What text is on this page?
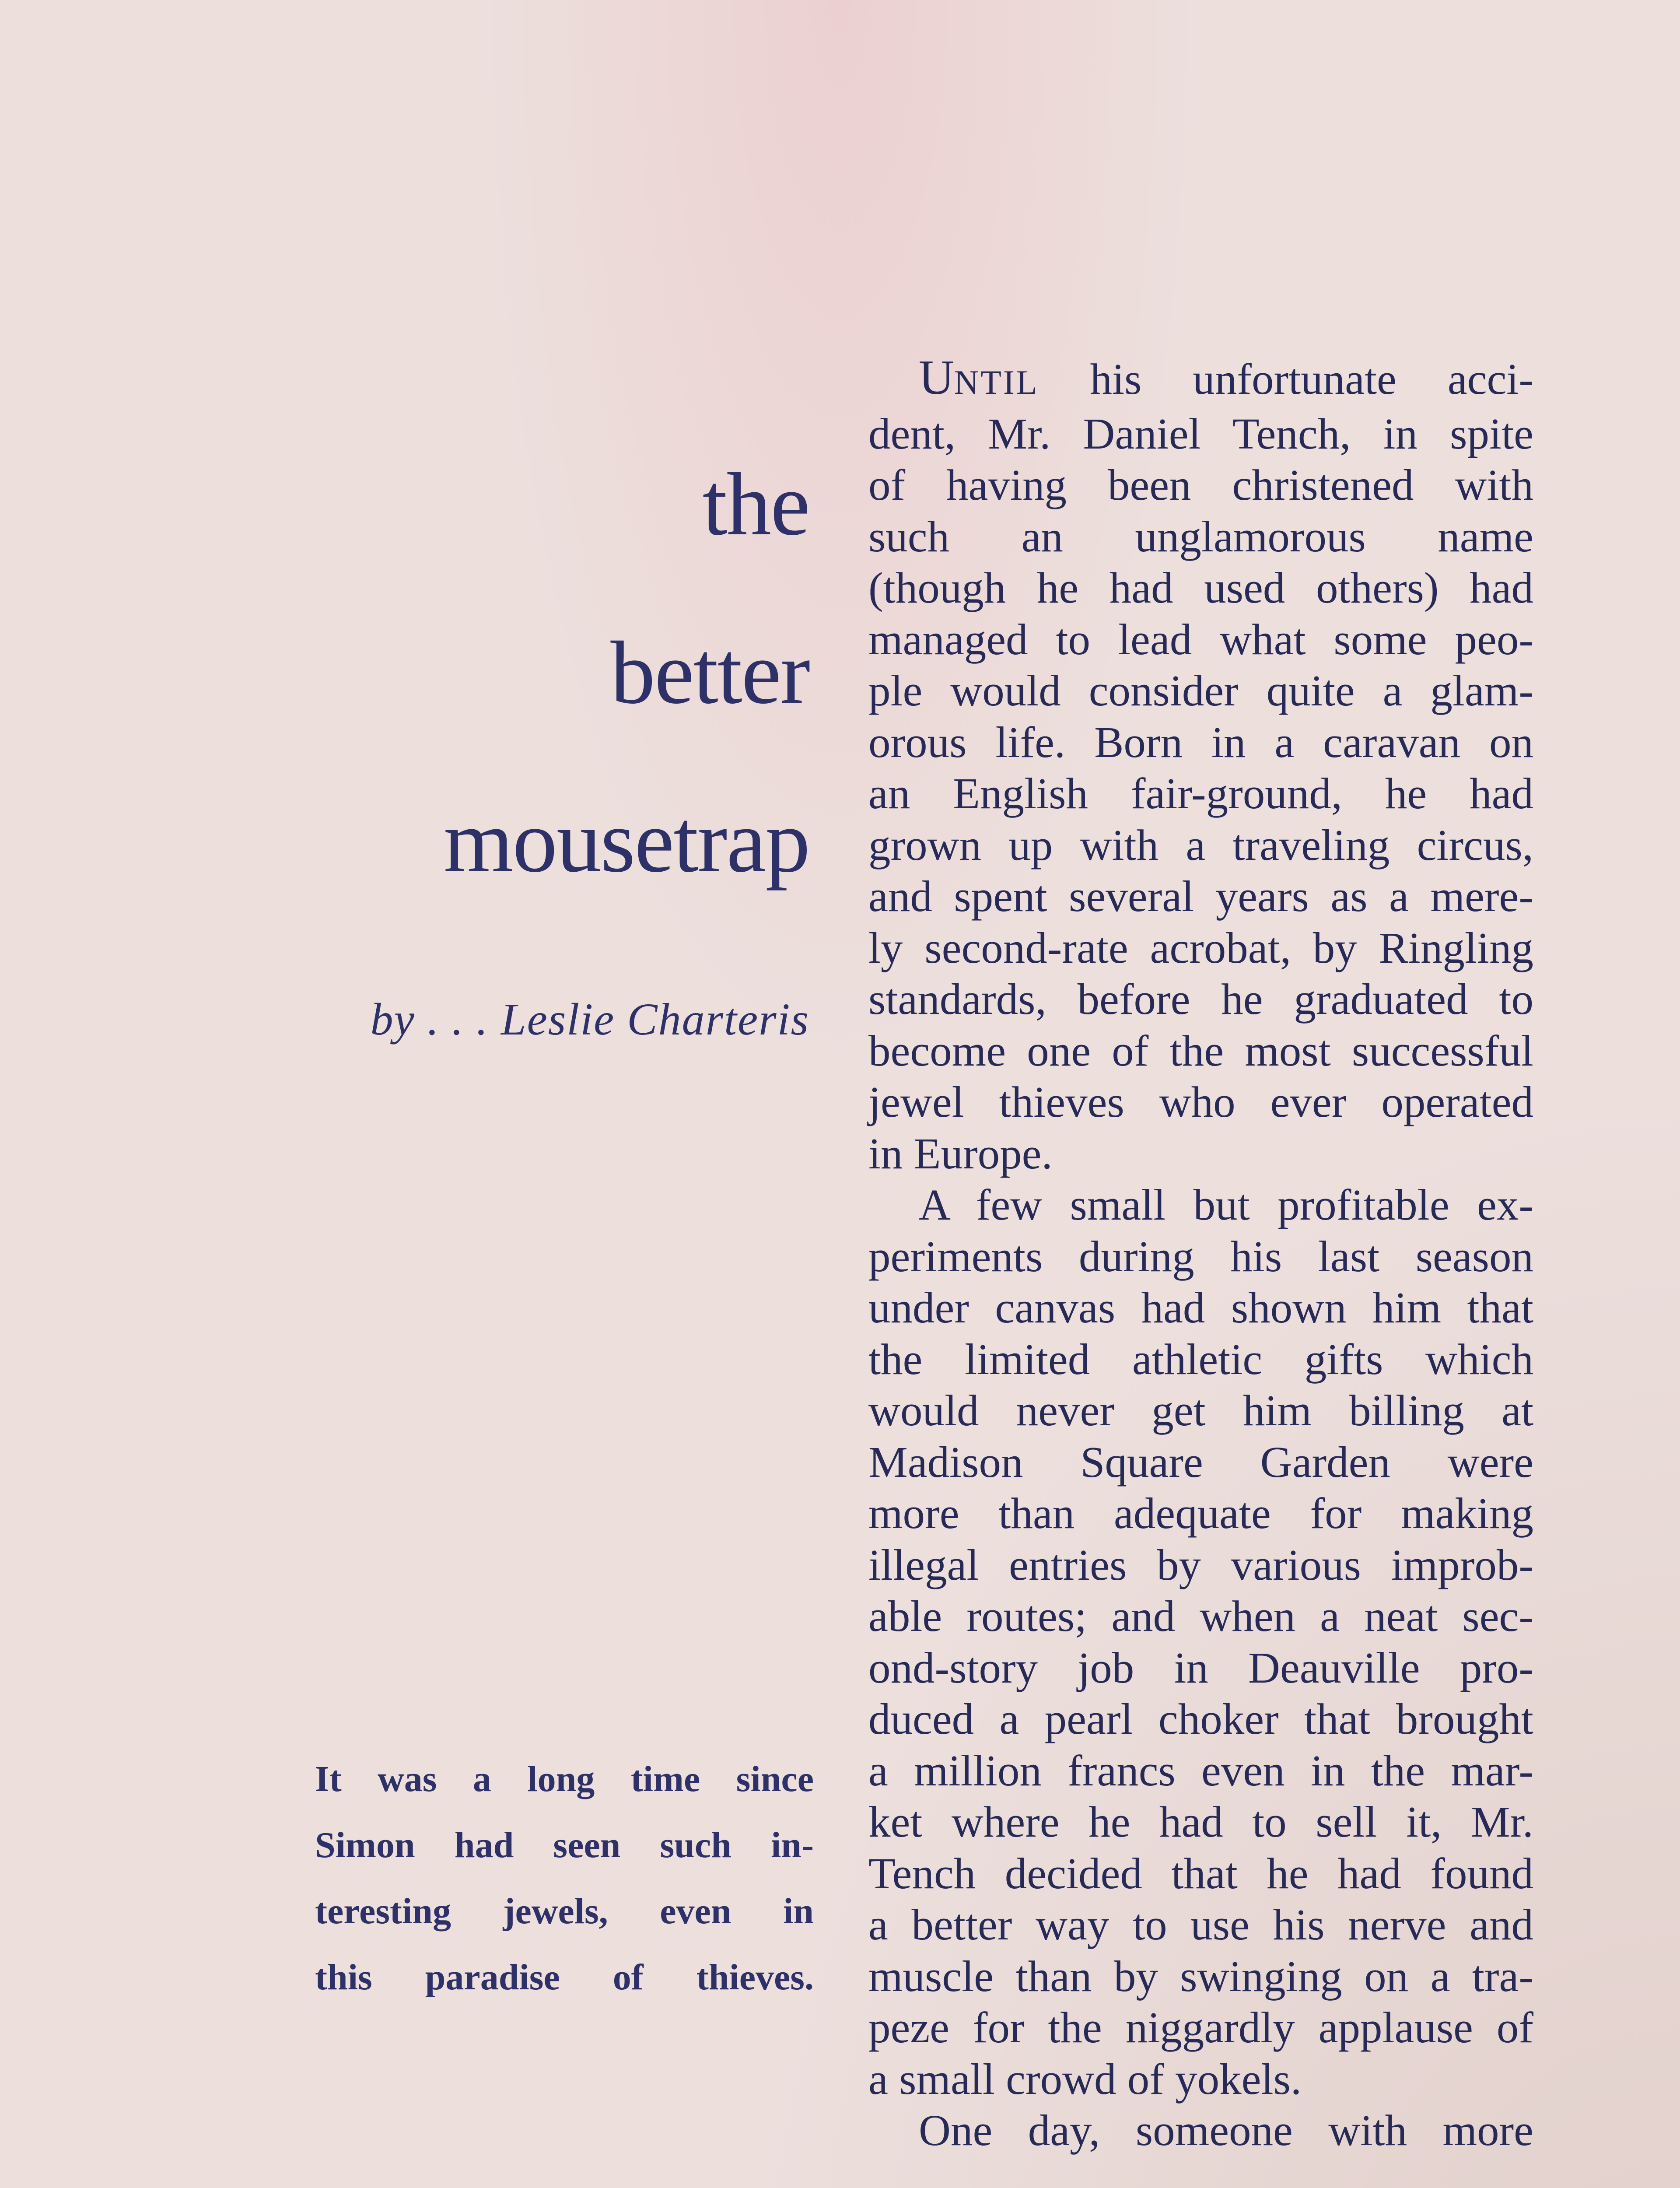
the
better
mousetrap

by . . . Leslie Charteris

It was a long time since
Simon had seen such in-
teresting jewels, even in
this paradise of thieves.
UNTIL his unfortunate acci-
dent, Mr. Daniel Tench, in spite
of having been christened with
such an unglamorous name
(though he had used others) had
managed to lead what some peo-
ple would consider quite a glam-
orous life. Born in a caravan on
an English fair-ground, he had
grown up with a traveling circus,
and spent several years as a mere-
ly second-rate acrobat, by Ringling
standards, before he graduated to
become one of the most successful
jewel thieves who ever operated
in Europe.
A few small but profitable ex-
periments during his last season
under canvas had shown him that
the limited athletic gifts which
would never get him billing at
Madison Square Garden were
more than adequate for making
illegal entries by various improb-
able routes; and when a neat sec-
ond-story job in Deauville pro-
duced a pearl choker that brought
a million francs even in the mar-
ket where he had to sell it, Mr.
Tench decided that he had found
a better way to use his nerve and
muscle than by swinging on a tra-
peze for the niggardly applause of
a small crowd of yokels.
One day, someone with more
